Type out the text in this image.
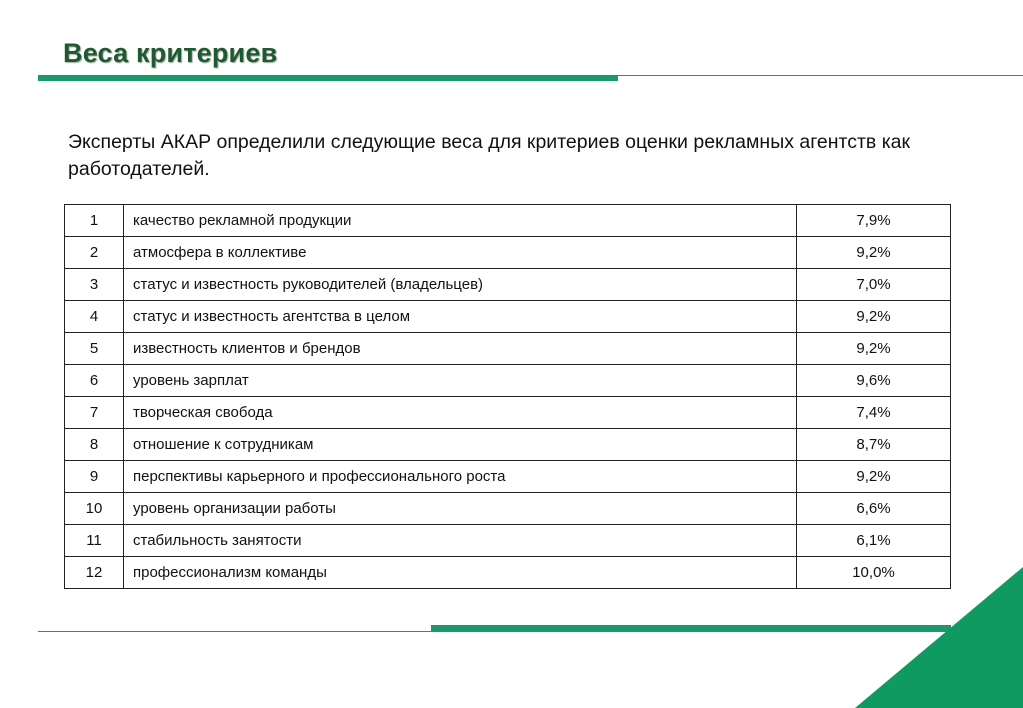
Веса критериев
Эксперты АКАР определили следующие веса для критериев оценки рекламных агентств как работодателей.
1	качество рекламной продукции	7,9%
2	атмосфера в коллективе	9,2%
3	статус и известность руководителей (владельцев)	7,0%
4	статус и известность агентства в целом	9,2%
5	известность клиентов и брендов	9,2%
6	уровень зарплат	9,6%
7	творческая свобода	7,4%
8	отношение к сотрудникам	8,7%
9	перспективы карьерного и профессионального роста	9,2%
10	уровень организации работы	6,6%
11	стабильность занятости	6,1%
12	профессионализм команды	10,0%
